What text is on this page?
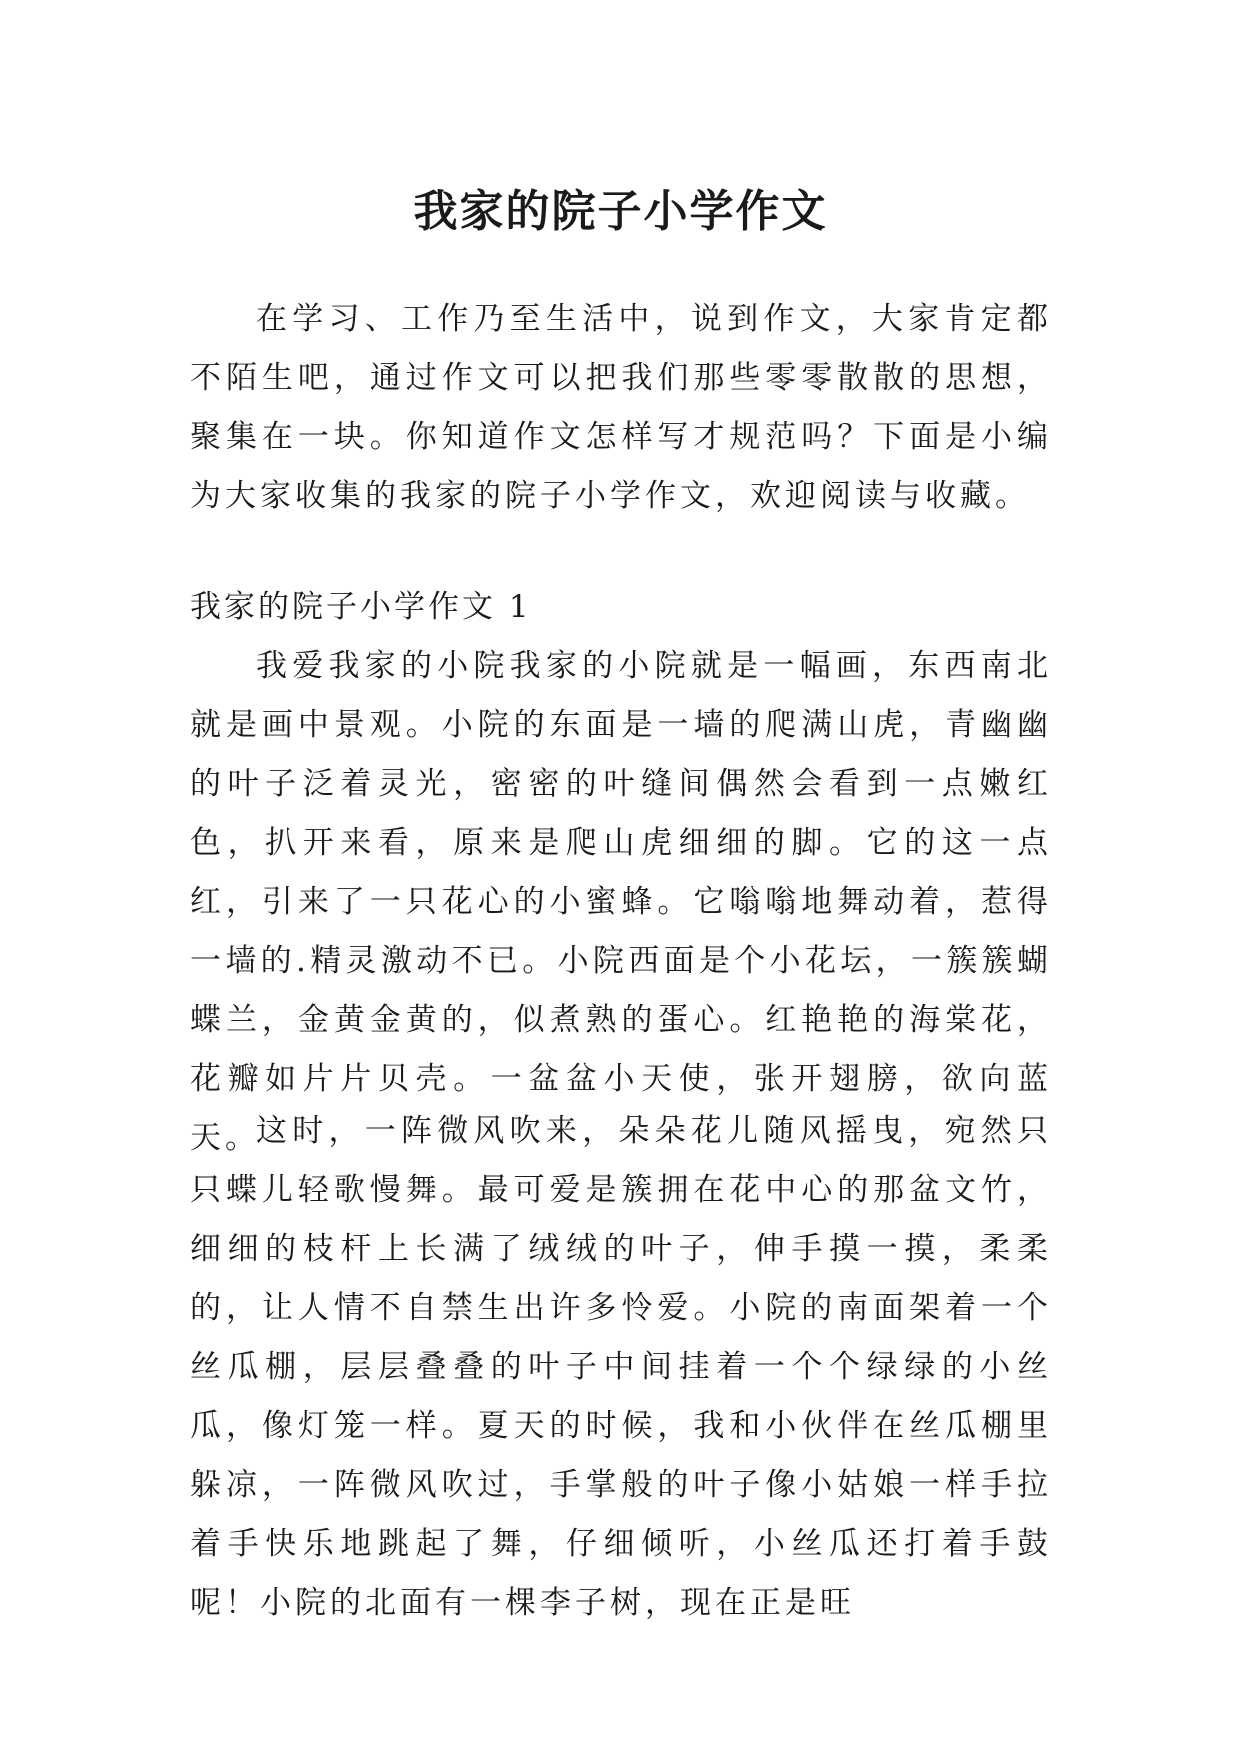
我家的院子小学作文

在学习、工作乃至生活中，说到作文，大家肯定都不陌生吧，通过作文可以把我们那些零零散散的思想，聚集在一块。你知道作文怎样写才规范吗？下面是小编为大家收集的我家的院子小学作文，欢迎阅读与收藏。

我家的院子小学作文 1

我爱我家的小院我家的小院就是一幅画，东西南北就是画中景观。小院的东面是一墙的爬满山虎，青幽幽的叶子泛着灵光，密密的叶缝间偶然会看到一点嫩红色，扒开来看，原来是爬山虎细细的脚。它的这一点红，引来了一只花心的小蜜蜂。它嗡嗡地舞动着，惹得一墙的.精灵激动不已。小院西面是个小花坛，一簇簇蝴蝶兰，金黄金黄的，似煮熟的蛋心。红艳艳的海棠花，花瓣如片片贝壳。一盆盆小天使，张开翅膀，欲向蓝天。

这时，一阵微风吹来，朵朵花儿随风摇曳，宛然只只蝶儿轻歌慢舞。最可爱是簇拥在花中心的那盆文竹，细细的枝杆上长满了绒绒的叶子，伸手摸一摸，柔柔的，让人情不自禁生出许多怜爱。小院的南面架着一个丝瓜棚，层层叠叠的叶子中间挂着一个个绿绿的小丝瓜，像灯笼一样。夏天的时候，我和小伙伴在丝瓜棚里躲凉，一阵微风吹过，手掌般的叶子像小姑娘一样手拉着手快乐地跳起了舞，仔细倾听，小丝瓜还打着手鼓呢！小院的北面有一棵李子树，现在正是旺
